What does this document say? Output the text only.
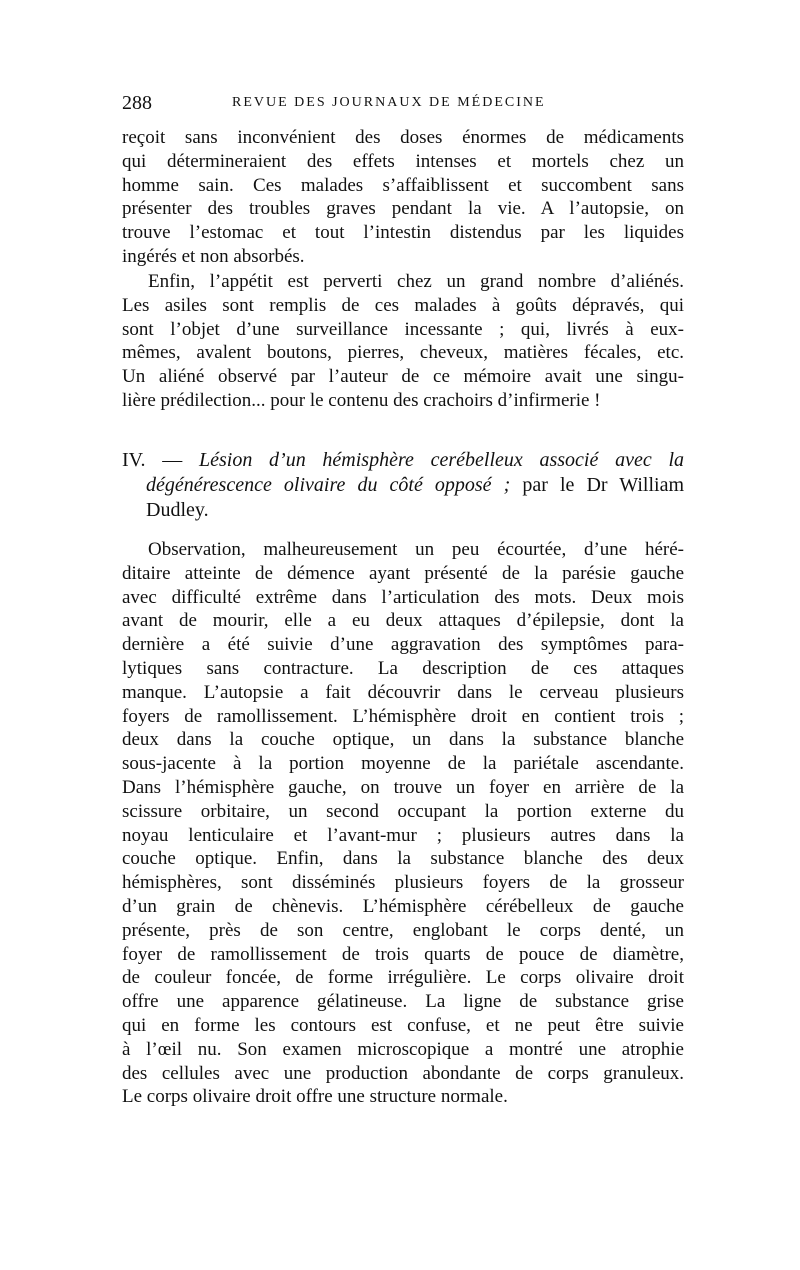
288	REVUE DES JOURNAUX DE MÉDECINE
reçoit sans inconvénient des doses énormes de médicaments
qui détermineraient des effets intenses et mortels chez un
homme sain. Ces malades s’affaiblissent et succombent sans
présenter des troubles graves pendant la vie. A l’autopsie, on
trouve l’estomac et tout l’intestin distendus par les liquides
ingérés et non absorbés.
Enfin, l’appétit est perverti chez un grand nombre d’aliénés.
Les asiles sont remplis de ces malades à goûts dépravés, qui
sont l’objet d’une surveillance incessante ; qui, livrés à eux-
mêmes, avalent boutons, pierres, cheveux, matières fécales, etc.
Un aliéné observé par l’auteur de ce mémoire avait une singu-
lière prédilection... pour le contenu des crachoirs d’infirmerie !
IV. — Lésion d’un hémisphère cerébelleux associé avec la
dégénérescence olivaire du côté opposé ; par le Dr William
Dudley.
Observation, malheureusement un peu écourtée, d’une héré-
ditaire atteinte de démence ayant présenté de la parésie gauche
avec difficulté extrême dans l’articulation des mots. Deux mois
avant de mourir, elle a eu deux attaques d’épilepsie, dont la
dernière a été suivie d’une aggravation des symptômes para-
lytiques sans contracture. La description de ces attaques
manque. L’autopsie a fait découvrir dans le cerveau plusieurs
foyers de ramollissement. L’hémisphère droit en contient trois ;
deux dans la couche optique, un dans la substance blanche
sous-jacente à la portion moyenne de la pariétale ascendante.
Dans l’hémisphère gauche, on trouve un foyer en arrière de la
scissure orbitaire, un second occupant la portion externe du
noyau lenticulaire et l’avant-mur ; plusieurs autres dans la
couche optique. Enfin, dans la substance blanche des deux
hémisphères, sont disséminés plusieurs foyers de la grosseur
d’un grain de chènevis. L’hémisphère cérébelleux de gauche
présente, près de son centre, englobant le corps denté, un
foyer de ramollissement de trois quarts de pouce de diamètre,
de couleur foncée, de forme irrégulière. Le corps olivaire droit
offre une apparence gélatineuse. La ligne de substance grise
qui en forme les contours est confuse, et ne peut être suivie
à l’œil nu. Son examen microscopique a montré une atrophie
des cellules avec une production abondante de corps granuleux.
Le corps olivaire droit offre une structure normale.
